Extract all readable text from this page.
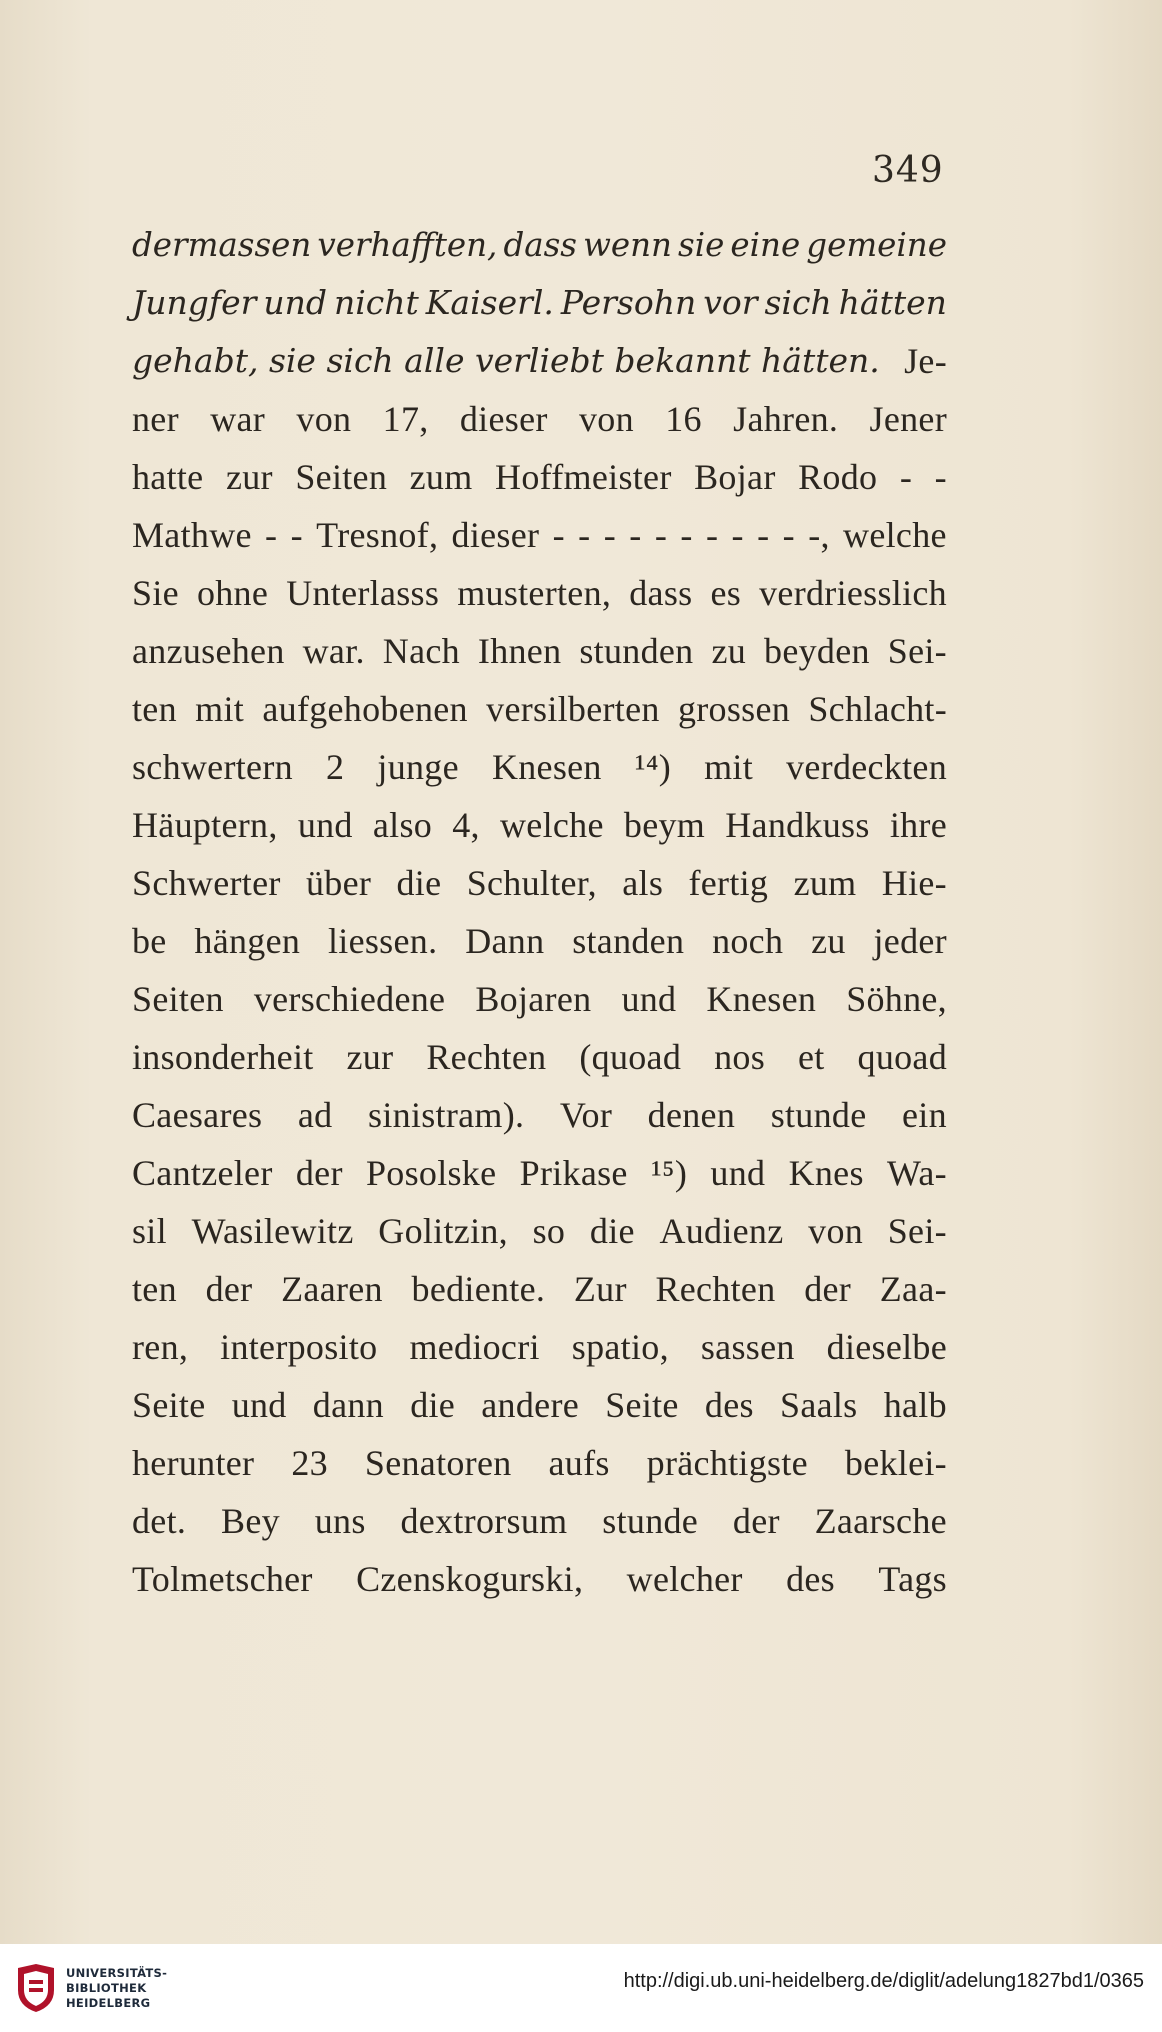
349
dermassen verhafften, dass wenn sie eine gemeine
Jungfer und nicht Kaiserl. Persohn vor sich hätten
gehabt, sie sich alle verliebt bekannt hätten. Je-
ner war von 17, dieser von 16 Jahren. Jener
hatte zur Seiten zum Hoffmeister Bojar Rodo - -
Mathwe - - Tresnof, dieser - - - - - - - - - - -, welche
Sie ohne Unterlasss musterten, dass es verdriesslich
anzusehen war. Nach Ihnen stunden zu beyden Sei-
ten mit aufgehobenen versilberten grossen Schlacht-
schwertern 2 junge Knesen ¹⁴) mit verdeckten
Häuptern, und also 4, welche beym Handkuss ihre
Schwerter über die Schulter, als fertig zum Hie-
be hängen liessen. Dann standen noch zu jeder
Seiten verschiedene Bojaren und Knesen Söhne,
insonderheit zur Rechten (quoad nos et quoad
Caesares ad sinistram). Vor denen stunde ein
Cantzeler der Posolske Prikase ¹⁵) und Knes Wa-
sil Wasilewitz Golitzin, so die Audienz von Sei-
ten der Zaaren bediente. Zur Rechten der Zaa-
ren, interposito mediocri spatio, sassen dieselbe
Seite und dann die andere Seite des Saals halb
herunter 23 Senatoren aufs prächtigste beklei-
det. Bey uns dextrorsum stunde der Zaarsche
Tolmetscher Czenskogurski, welcher des Tags
UNIVERSITÄTS-
BIBLIOTHEK
HEIDELBERG
http://digi.ub.uni-heidelberg.de/diglit/adelung1827bd1/0365
